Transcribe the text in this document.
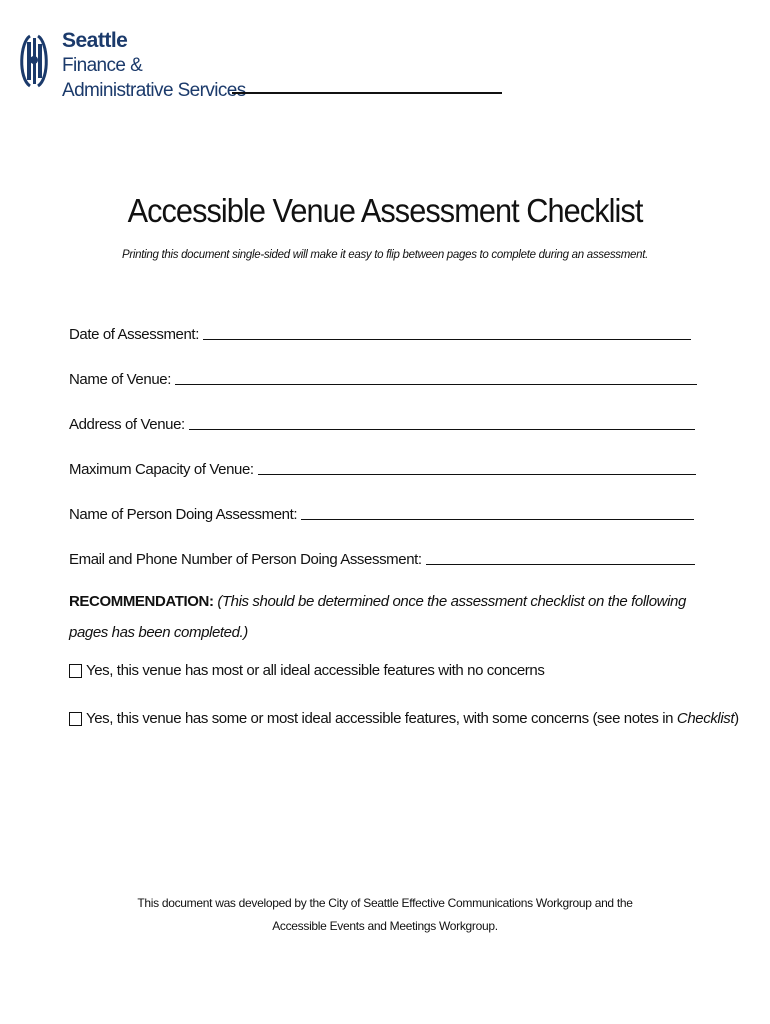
Seattle
Finance &
Administrative Services
Accessible Venue Assessment Checklist
Printing this document single-sided will make it easy to flip between pages to complete during an assessment.
Date of Assessment:
Name of Venue:
Address of Venue:
Maximum Capacity of Venue:
Name of Person Doing Assessment:
Email and Phone Number of Person Doing Assessment:
RECOMMENDATION: (This should be determined once the assessment checklist on the following pages has been completed.)
Yes, this venue has most or all ideal accessible features with no concerns
Yes, this venue has some or most ideal accessible features, with some concerns (see notes in Checklist )
This document was developed by the City of Seattle Effective Communications Workgroup and the
Accessible Events and Meetings Workgroup.
